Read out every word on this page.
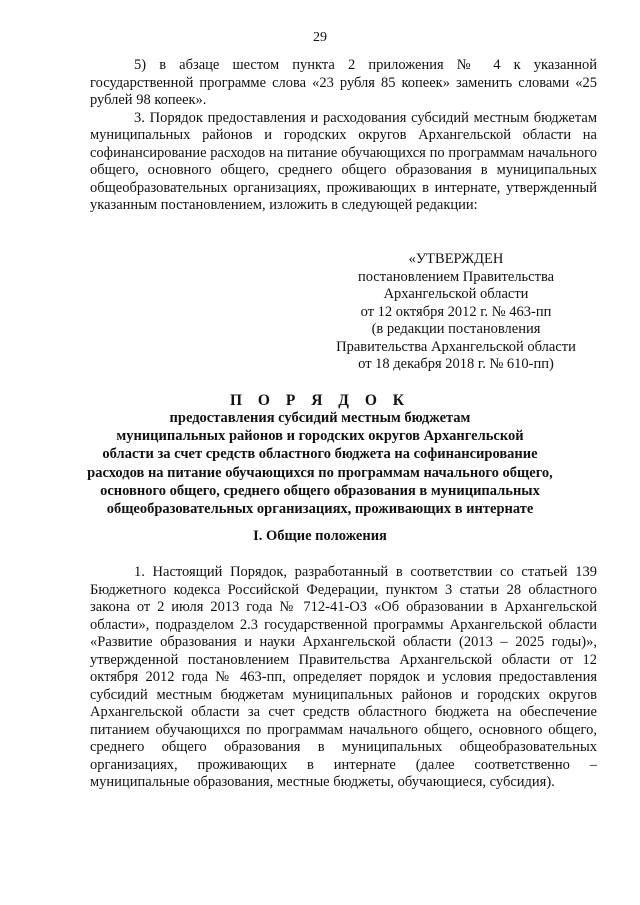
29

5) в абзаце шестом пункта 2 приложения № 4 к указанной государственной программе слова «23 рубля 85 копеек» заменить словами «25 рублей 98 копеек».

3. Порядок предоставления и расходования субсидий местным бюджетам муниципальных районов и городских округов Архангельской области на софинансирование расходов на питание обучающихся по программам начального общего, основного общего, среднего общего образования в муниципальных общеобразовательных организациях, проживающих в интернате, утвержденный указанным постановлением, изложить в следующей редакции:

«УТВЕРЖДЕН
постановлением Правительства
Архангельской области
от 12 октября 2012 г. № 463-пп
(в редакции постановления
Правительства Архангельской области
от 18 декабря 2018 г. № 610-пп)
П О Р Я Д О К
предоставления субсидий местным бюджетам
муниципальных районов и городских округов Архангельской
области за счет средств областного бюджета на софинансирование
расходов на питание обучающихся по программам начального общего,
основного общего, среднего общего образования в муниципальных
общеобразовательных организациях, проживающих в интернате
I. Общие положения

1. Настоящий Порядок, разработанный в соответствии со статьей 139 Бюджетного кодекса Российской Федерации, пунктом 3 статьи 28 областного закона от 2 июля 2013 года № 712-41-ОЗ «Об образовании в Архангельской области», подразделом 2.3 государственной программы Архангельской области «Развитие образования и науки Архангельской области (2013 – 2025 годы)», утвержденной постановлением Правительства Архангельской области от 12 октября 2012 года № 463-пп, определяет порядок и условия предоставления субсидий местным бюджетам муниципальных районов и городских округов Архангельской области за счет средств областного бюджета на обеспечение питанием обучающихся по программам начального общего, основного общего, среднего общего образования в муниципальных общеобразовательных организациях, проживающих в интернате (далее соответственно – муниципальные образования, местные бюджеты, обучающиеся, субсидия).
